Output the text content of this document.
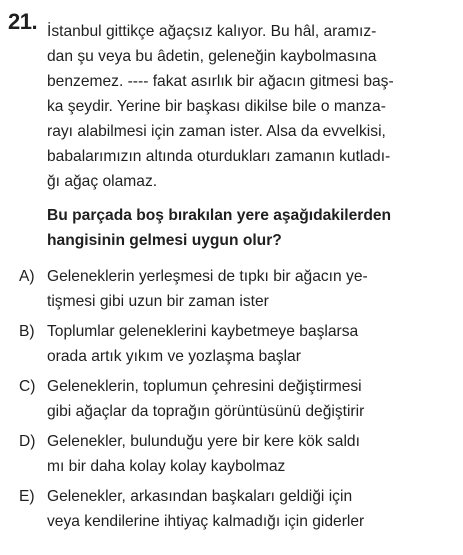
21. İstanbul gittikçe ağaçsız kalıyor. Bu hâl, aramız-
dan şu veya bu âdetin, geleneğin kaybolmasına
benzemez. ---- fakat asırlık bir ağacın gitmesi baş-
ka şeydir. Yerine bir başkası dikilse bile o manza-
rayı alabilmesi için zaman ister. Alsa da evvelkisi,
babalarımızın altında oturdukları zamanın kutladı-
ğı ağaç olamaz.
Bu parçada boş bırakılan yere aşağıdakilerden
hangisinin gelmesi uygun olur?
A) Geleneklerin yerleşmesi de tıpkı bir ağacın ye-
tişmesi gibi uzun bir zaman ister
B) Toplumlar geleneklerini kaybetmeye başlarsa
orada artık yıkım ve yozlaşma başlar
C) Geleneklerin, toplumun çehresini değiştirmesi
gibi ağaçlar da toprağın görüntüsünü değiştirir
D) Gelenekler, bulunduğu yere bir kere kök saldı
mı bir daha kolay kolay kaybolmaz
E) Gelenekler, arkasından başkaları geldiği için
veya kendilerine ihtiyaç kalmadığı için giderler
